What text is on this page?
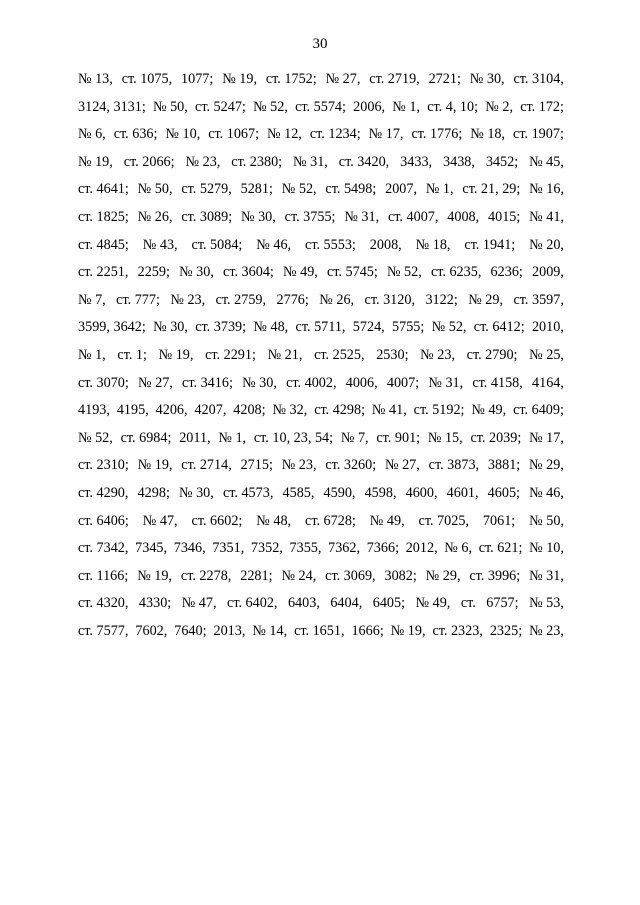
30
№ 13, ст. 1075, 1077; № 19, ст. 1752; № 27, ст. 2719, 2721; № 30, ст. 3104,
3124, 3131; № 50, ст. 5247; № 52, ст. 5574; 2006, № 1, ст. 4, 10; № 2, ст. 172;
№ 6, ст. 636; № 10, ст. 1067; № 12, ст. 1234; № 17, ст. 1776; № 18, ст. 1907;
№ 19, ст. 2066; № 23, ст. 2380; № 31, ст. 3420, 3433, 3438, 3452; № 45,
ст. 4641; № 50, ст. 5279, 5281; № 52, ст. 5498; 2007, № 1, ст. 21, 29; № 16,
ст. 1825; № 26, ст. 3089; № 30, ст. 3755; № 31, ст. 4007, 4008, 4015; № 41,
ст. 4845; № 43, ст. 5084; № 46, ст. 5553; 2008, № 18, ст. 1941; № 20,
ст. 2251, 2259; № 30, ст. 3604; № 49, ст. 5745; № 52, ст. 6235, 6236; 2009,
№ 7, ст. 777; № 23, ст. 2759, 2776; № 26, ст. 3120, 3122; № 29, ст. 3597,
3599, 3642; № 30, ст. 3739; № 48, ст. 5711, 5724, 5755; № 52, ст. 6412; 2010,
№ 1, ст. 1; № 19, ст. 2291; № 21, ст. 2525, 2530; № 23, ст. 2790; № 25,
ст. 3070; № 27, ст. 3416; № 30, ст. 4002, 4006, 4007; № 31, ст. 4158, 4164,
4193, 4195, 4206, 4207, 4208; № 32, ст. 4298; № 41, ст. 5192; № 49, ст. 6409;
№ 52, ст. 6984; 2011, № 1, ст. 10, 23, 54; № 7, ст. 901; № 15, ст. 2039; № 17,
ст. 2310; № 19, ст. 2714, 2715; № 23, ст. 3260; № 27, ст. 3873, 3881; № 29,
ст. 4290, 4298; № 30, ст. 4573, 4585, 4590, 4598, 4600, 4601, 4605; № 46,
ст. 6406; № 47, ст. 6602; № 48, ст. 6728; № 49, ст. 7025, 7061; № 50,
ст. 7342, 7345, 7346, 7351, 7352, 7355, 7362, 7366; 2012, № 6, ст. 621; № 10,
ст. 1166; № 19, ст. 2278, 2281; № 24, ст. 3069, 3082; № 29, ст. 3996; № 31,
ст. 4320, 4330; № 47, ст. 6402, 6403, 6404, 6405; № 49, ст. 6757; № 53,
ст. 7577, 7602, 7640; 2013, № 14, ст. 1651, 1666; № 19, ст. 2323, 2325; № 23,
